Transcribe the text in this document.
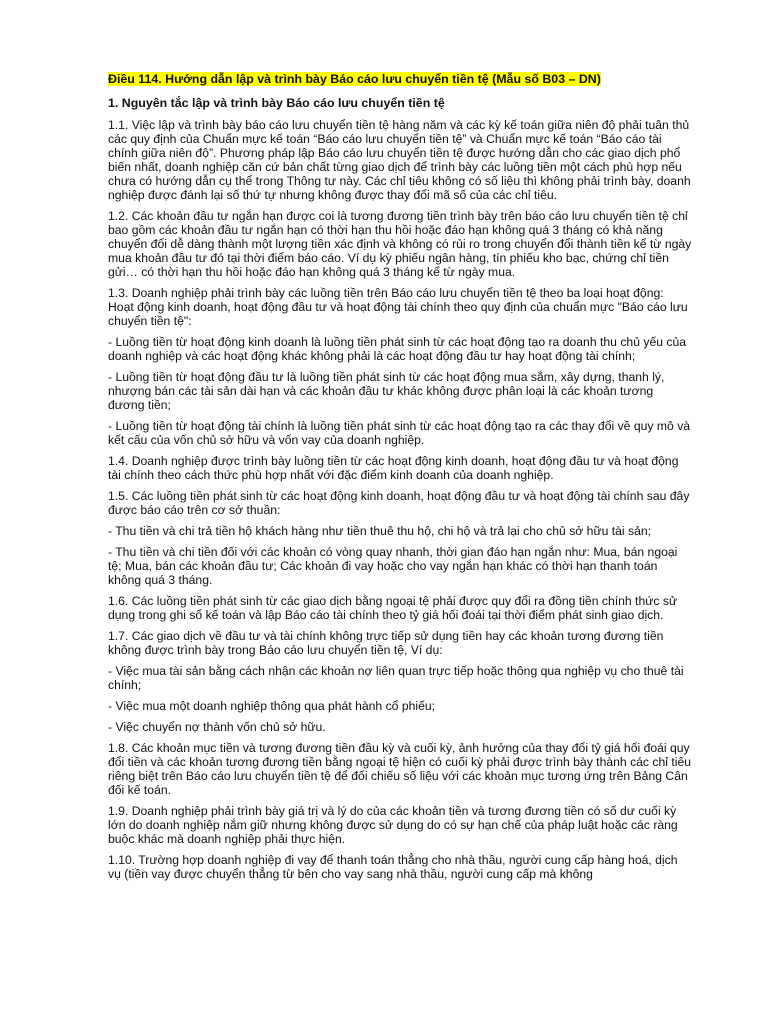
Điều 114. Hướng dẫn lập và trình bày Báo cáo lưu chuyển tiền tệ (Mẫu số B03 – DN)
1. Nguyên tắc lập và trình bày Báo cáo lưu chuyển tiền tệ

1.1. Việc lập và trình bày báo cáo lưu chuyển tiền tệ hàng năm và các kỳ kế toán giữa niên độ phải tuân thủ các quy định của Chuẩn mực kế toán “Báo cáo lưu chuyển tiền tệ” và Chuẩn mực kế toán “Báo cáo tài chính giữa niên độ”. Phương pháp lập Báo cáo lưu chuyển tiền tệ được hướng dẫn cho các giao dịch phổ biến nhất, doanh nghiệp căn cứ bản chất từng giao dịch để trình bày các luồng tiền một cách phù hợp nếu chưa có hướng dẫn cụ thể trong Thông tư này. Các chỉ tiêu không có số liệu thì không phải trình bày, doanh nghiệp được đánh lại số thứ tự nhưng không được thay đổi mã số của các chỉ tiêu.

1.2. Các khoản đầu tư ngắn hạn được coi là tương đương tiền trình bày trên báo cáo lưu chuyển tiền tệ chỉ bao gồm các khoản đầu tư ngắn hạn có thời hạn thu hồi hoặc đáo hạn không quá 3 tháng có khả năng chuyển đổi dễ dàng thành một lượng tiền xác định và không có rủi ro trong chuyển đổi thành tiền kể từ ngày mua khoản đầu tư đó tại thời điểm báo cáo. Ví dụ kỳ phiếu ngân hàng, tín phiếu kho bạc, chứng chỉ tiền gửi… có thời hạn thu hồi hoặc đáo hạn không quá 3 tháng kể từ ngày mua.

1.3. Doanh nghiệp phải trình bày các luồng tiền trên Báo cáo lưu chuyển tiền tệ theo ba loại hoạt động: Hoạt động kinh doanh, hoạt động đầu tư và hoạt động tài chính theo quy định của chuẩn mực "Báo cáo lưu chuyển tiền tệ":

- Luồng tiền từ hoạt động kinh doanh là luồng tiền phát sinh từ các hoạt động tạo ra doanh thu chủ yếu của doanh nghiệp và các hoạt động khác không phải là các hoạt động đầu tư hay hoạt động tài chính;

- Luồng tiền từ hoạt động đầu tư là luồng tiền phát sinh từ các hoạt động mua sắm, xây dựng, thanh lý, nhượng bán các tài sản dài hạn và các khoản đầu tư khác không được phân loại là các khoản tương đương tiền;

- Luồng tiền từ hoạt động tài chính là luồng tiền phát sinh từ các hoạt động tạo ra các thay đổi về quy mô và kết cấu của vốn chủ sở hữu và vốn vay của doanh nghiệp.

1.4. Doanh nghiệp được trình bày luồng tiền từ các hoạt động kinh doanh, hoạt động đầu tư và hoạt động tài chính theo cách thức phù hợp nhất với đặc điểm kinh doanh của doanh nghiệp.

1.5. Các luồng tiền phát sinh từ các hoạt động kinh doanh, hoạt động đầu tư và hoạt động tài chính sau đây được báo cáo trên cơ sở thuần:

- Thu tiền và chi trả tiền hộ khách hàng như tiền thuê thu hộ, chi hộ và trả lại cho chủ sở hữu tài sản;

- Thu tiền và chi tiền đối với các khoản có vòng quay nhanh, thời gian đáo hạn ngắn như: Mua, bán ngoại tệ; Mua, bán các khoản đầu tư; Các khoản đi vay hoặc cho vay ngắn hạn khác có thời hạn thanh toán không quá 3 tháng.

1.6. Các luồng tiền phát sinh từ các giao dịch bằng ngoại tệ phải được quy đổi ra đồng tiền chính thức sử dụng trong ghi sổ kế toán và lập Báo cáo tài chính theo tỷ giá hối đoái tại thời điểm phát sinh giao dịch.

1.7. Các giao dịch về đầu tư và tài chính không trực tiếp sử dụng tiền hay các khoản tương đương tiền không được trình bày trong Báo cáo lưu chuyển tiền tệ, Ví dụ:

- Việc mua tài sản bằng cách nhận các khoản nợ liên quan trực tiếp hoặc thông qua nghiệp vụ cho thuê tài chính;

- Việc mua một doanh nghiệp thông qua phát hành cổ phiếu;

- Việc chuyển nợ thành vốn chủ sở hữu.

1.8. Các khoản mục tiền và tương đương tiền đầu kỳ và cuối kỳ, ảnh hưởng của thay đổi tỷ giá hối đoái quy đổi tiền và các khoản tương đương tiền bằng ngoại tệ hiện có cuối kỳ phải được trình bày thành các chỉ tiêu riêng biệt trên Báo cáo lưu chuyển tiền tệ để đối chiếu số liệu với các khoản mục tương ứng trên Bảng Cân đối kế toán.

1.9. Doanh nghiệp phải trình bày giá trị và lý do của các khoản tiền và tương đương tiền có số dư cuối kỳ lớn do doanh nghiệp nắm giữ nhưng không được sử dụng do có sự hạn chế của pháp luật hoặc các ràng buộc khác mà doanh nghiệp phải thực hiện.

1.10. Trường hợp doanh nghiệp đi vay để thanh toán thẳng cho nhà thầu, người cung cấp hàng hoá, dịch vụ (tiền vay được chuyển thẳng từ bên cho vay sang nhà thầu, người cung cấp mà không
